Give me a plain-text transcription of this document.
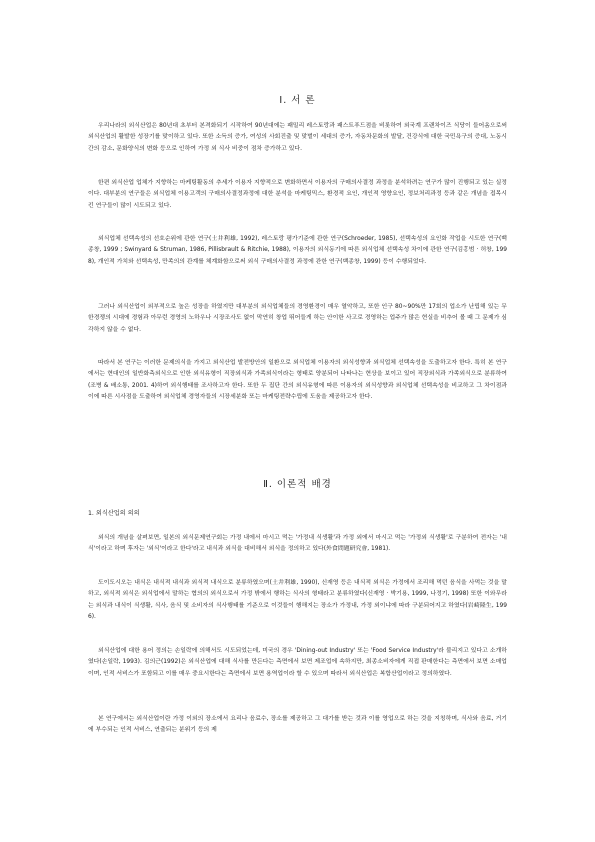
Ⅰ. 서 론

우리나라의 외식산업은 80년대 초부터 본격화되기 시작하여 90년대에는 패밀리 레스토랑과 패스트푸드점을 비롯하여 외국계 프랜차이즈 식당이 들어옴으로써 외식산업의 활발한 성장기를 맞이하고 있다. 또한 소득의 증가, 여성의 사회진출 및 맞벌이 세대의 증가, 자동차문화의 발달, 건강식에 대한 국민욕구의 증대, 노동시간의 감소, 문화양식의 변화 등으로 인하여 가정 외 식사 비중이 점차 증가하고 있다.

한편 외식산업 업체가 지향하는 마케팅활동의 추세가 이용자 지향적으로 변화하면서 이용자의 구매의사결정 과정을 분석하려는 연구가 많이 진행되고 있는 실정이다. 대부분의 연구들은 외식업체 이용고객의 구매의사결정과정에 대한 분석을 마케팅믹스, 환경적 요인, 개인적 영향요인, 정보처리과정 등과 같은 개념을 접목시킨 연구들이 많이 시도되고 있다.

외식업체 선택속성의 선호순위에 관한 연구(土井利雄, 1992), 레스토랑 평가기준에 관한 연구(Schroeder, 1985), 선택속성의 요인화 작업을 시도한 연구(백종창, 1999 ; Swinyard & Struman, 1986, Pillisbrault & Ritchie, 1988), 이용자의 외식동기에 따른 외식업체 선택속성 차이에 관한 연구(김홍범 · 허창, 1998), 개인적 가치와 선택속성, 만족의의 관계를 체계화함으로써 외식 구매의사결정 과정에 관한 연구(백종창, 1999) 등이 수행되었다.

그러나 외식산업이 외부적으로 높은 성장을 하였지만 대부분의 외식업체들의 경영환경이 매우 열악하고, 또한 인구 80~90%만 17회의 업소가 난립해 있는 무한경쟁의 시대에 경험과 아무런 경영의 노하우나 시장조사도 없이 막연히 창업 뛰어들게 하는 안이한 사고로 경영하는 업주가 많은 현실을 비추어 볼 때 그 문제가 심각하지 않을 수 없다.

따라서 본 연구는 이러한 문제의식을 가지고 외식산업 발전방안의 일환으로 외식업체 이용자의 외식성향과 외식업체 선택속성을 도출하고자 한다. 특히 본 연구에서는 현대인의 일반화측외식으로 인한 외식유형이 직장외식과 가족외식이라는 형태로 양분되어 나타나는 현상을 보이고 있어 직장외식과 가족외식으로 분류하여(조병 & 배소통, 2001. 4)하여 외식행태를 조사하고자 한다. 또한 두 집단 간의 외식유형에 따른 이용자의 외식성향과 외식업체 선택속성을 비교하고 그 차이점과 이에 따른 시사점을 도출하여 외식업체 경영자들의 시장세분화 또는 마케팅전략수립에 도움을 제공하고자 한다.

Ⅱ. 이론적 배경
1. 외식산업의 의의

외식의 개념을 살펴보면, 일본의 외식문제연구회는 가정 내에서 마시고 먹는 '가정내 식생활'과 가정 외에서 마시고 먹는 '가정외 식생활'로 구분하여 전자는 '내식'이라고 하며 후자는 '외식'이라고 한다'라고 내식과 외식을 대비해서 외식을 정의하고 있다(外食問題研究會, 1981).

도이도시오는 내식은 내식적 내식과 외식적 내식으로 분류하였으며(土井利雄, 1990), 신재영 등은 내식적 외식은 가정에서 조리해 먹던 음식을 사먹는 것을 말하고, 외식적 외식은 외식업에서 말하는 협의의 외식으로서 가정 밖에서 행하는 식사의 형태라고 분류하였다(신재영 · 박기용, 1999, 나정기, 1998) 또한 이와무라는 외식과 내식이 식생활, 식사, 음식 및 소비자의 식사행태를 기준으로 이것들이 행해지는 장소가 가정내, 가정 외이냐에 따라 구분되어지고 하였다(岩崎隆生, 1996).

외식산업에 대한 용어 정의는 손일락에 의해서도 시도되었는데, 미국의 경우 'Dining-out Industry' 또는 'Food Service Industry'라 불리지고 있다고 소개하였다(손일락, 1993). 김의근(1992)은 외식산업에 대해 식사를 만든다는 측면에서 보면 제조업에 속하지만, 최종소비자에게 직접 판매한다는 측면에서 보면 소매업이며, 인적 서비스가 포함되고 이를 매우 중요시한다는 측면에서 보면 용역업이라 할 수 있으며 따라서 외식산업은 복합산업이라고 정의하였다.

본 연구에서는 외식산업이란 가정 이외의 장소에서 요리나 음료수, 장소를 제공하고 그 대가를 받는 것과 이를 영업으로 하는 것을 지칭하며, 식사와 음료, 거기에 부수되는 인적 서비스, 연출되는 분위기 등의 제
